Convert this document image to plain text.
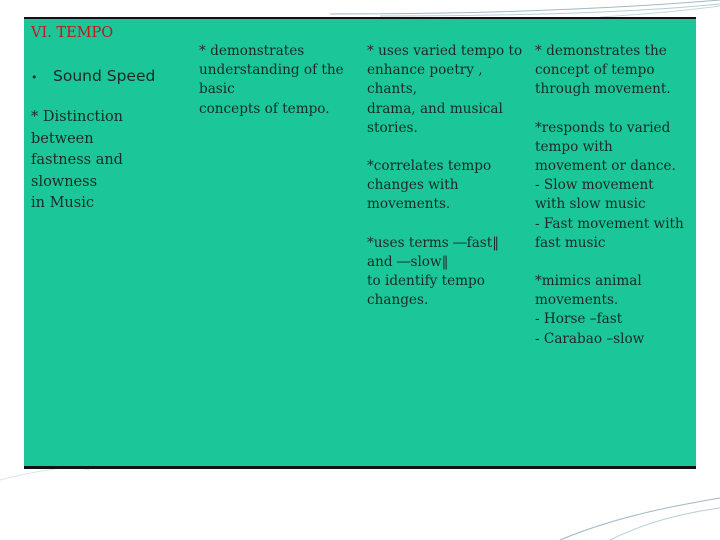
VI. TEMPO
•	Sound Speed
* Distinction
between
fastness and
slowness
in Music

* demonstrates
understanding of the
basic
concepts of tempo.

* uses varied tempo to
enhance poetry ,
chants,
drama, and musical
stories.

*correlates tempo
changes with
movements.

*uses terms ―fast‖
and ―slow‖
to identify tempo
changes.

* demonstrates the
concept of tempo
through movement.

*responds to varied
tempo with
movement or dance.
- Slow movement
with slow music
- Fast movement with
fast music

*mimics animal
movements.
- Horse –fast
- Carabao –slow
